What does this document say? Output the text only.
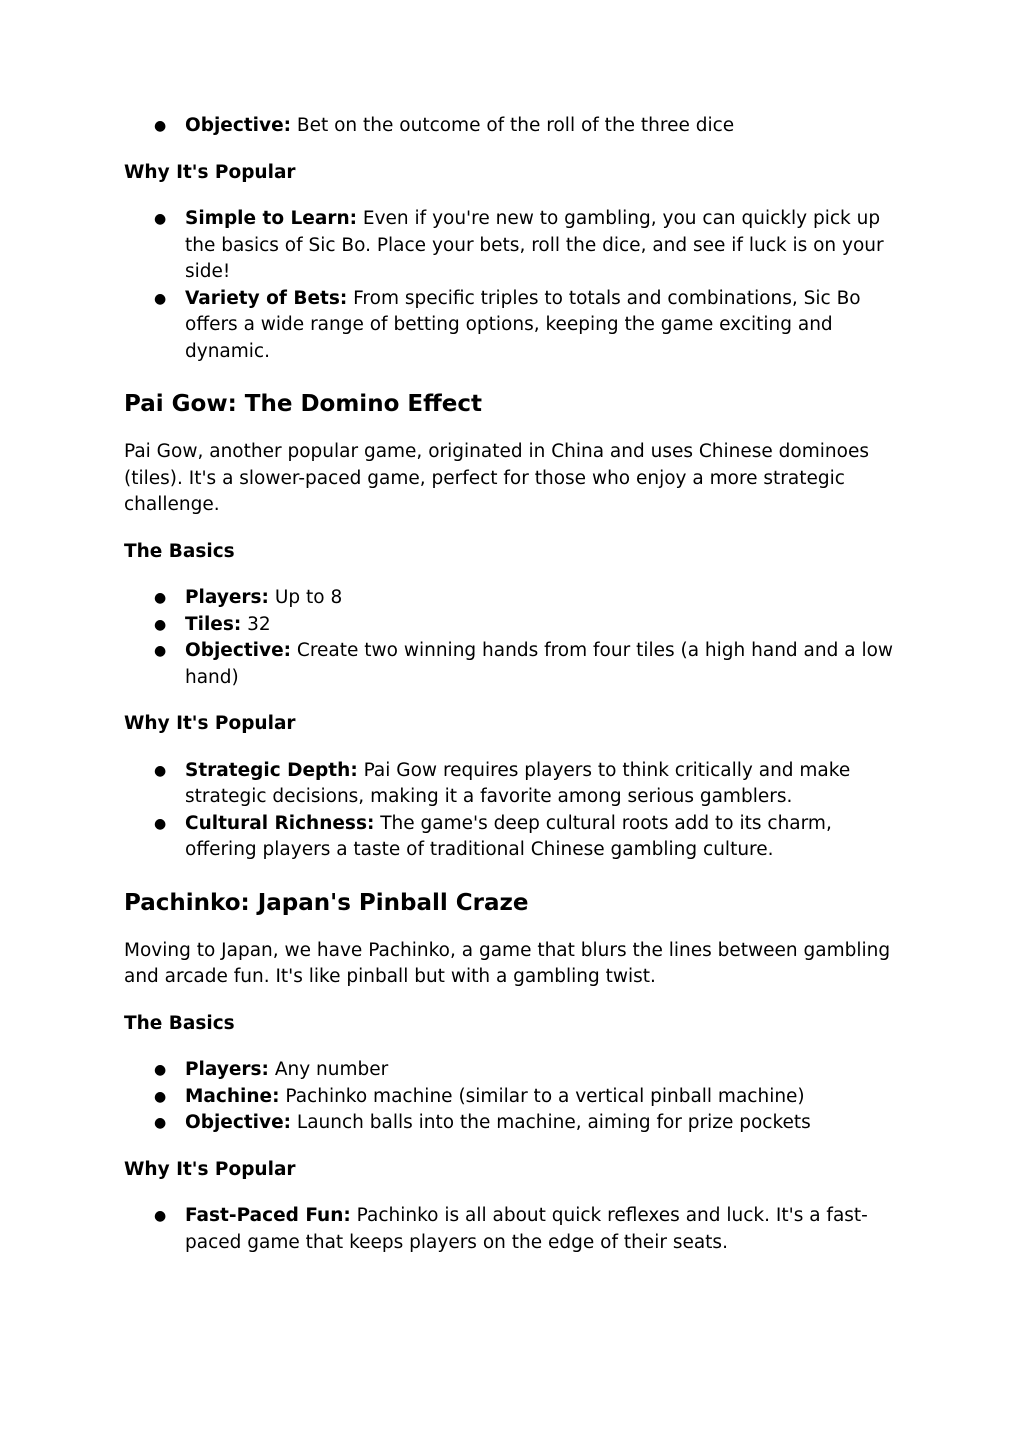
● Objective: Bet on the outcome of the roll of the three dice
Why It's Popular
● Simple to Learn: Even if you're new to gambling, you can quickly pick up the basics of Sic Bo. Place your bets, roll the dice, and see if luck is on your side!
● Variety of Bets: From specific triples to totals and combinations, Sic Bo offers a wide range of betting options, keeping the game exciting and dynamic.
Pai Gow: The Domino Effect

Pai Gow, another popular game, originated in China and uses Chinese dominoes (tiles). It's a slower-paced game, perfect for those who enjoy a more strategic challenge.

The Basics
● Players: Up to 8
● Tiles: 32
● Objective: Create two winning hands from four tiles (a high hand and a low hand)
Why It's Popular
● Strategic Depth: Pai Gow requires players to think critically and make strategic decisions, making it a favorite among serious gamblers.
● Cultural Richness: The game's deep cultural roots add to its charm, offering players a taste of traditional Chinese gambling culture.
Pachinko: Japan's Pinball Craze

Moving to Japan, we have Pachinko, a game that blurs the lines between gambling and arcade fun. It's like pinball but with a gambling twist.

The Basics
● Players: Any number
● Machine: Pachinko machine (similar to a vertical pinball machine)
● Objective: Launch balls into the machine, aiming for prize pockets
Why It's Popular
● Fast-Paced Fun: Pachinko is all about quick reflexes and luck. It's a fast-paced game that keeps players on the edge of their seats.
